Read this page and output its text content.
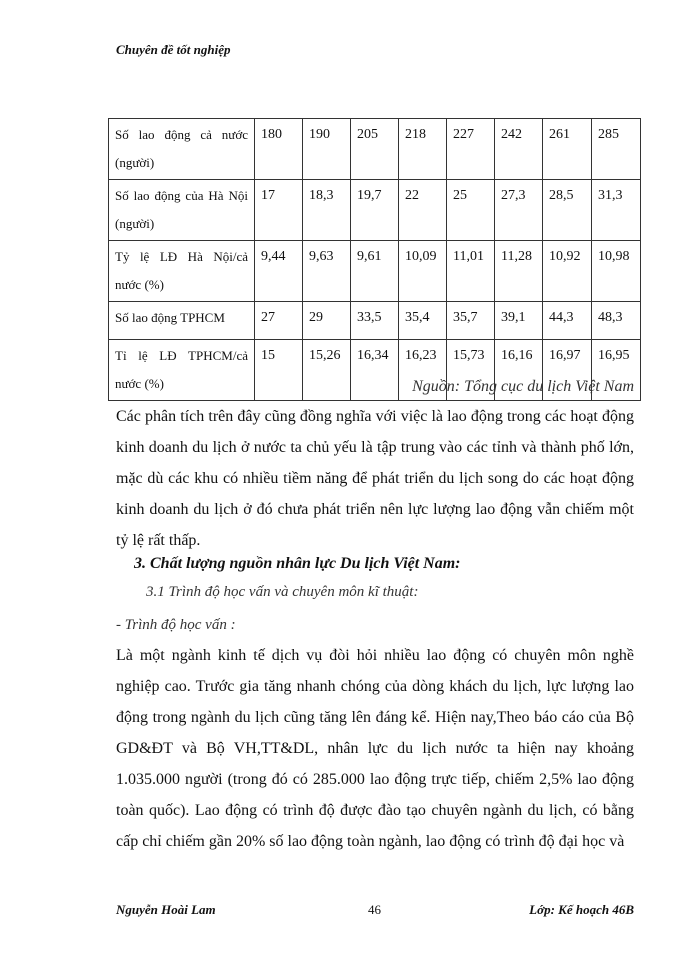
Chuyên đề tốt nghiệp
Số lao động cả nước (người)	180	190	205	218	227	242	261	285
Số lao động của Hà Nội (người)	17	18,3	19,7	22	25	27,3	28,5	31,3
Tỷ lệ LĐ Hà Nội/cả nước (%)	9,44	9,63	9,61	10,09	11,01	11,28	10,92	10,98
Số lao động TPHCM	27	29	33,5	35,4	35,7	39,1	44,3	48,3
Tỉ lệ LĐ TPHCM/cả nước (%)	15	15,26	16,34	16,23	15,73	16,16	16,97	16,95
Nguồn: Tổng cục du lịch Việt Nam

Các phân tích trên đây cũng đồng nghĩa với việc là lao động trong các hoạt động kinh doanh du lịch ở nước ta chủ yếu là tập trung vào các tỉnh và thành phố lớn, mặc dù các khu có nhiều tiềm năng để phát triển du lịch song do các hoạt động kinh doanh du lịch ở đó chưa phát triển nên lực lượng lao động vẫn chiếm một tỷ lệ rất thấp.

3. Chất lượng nguồn nhân lực Du lịch Việt Nam:
3.1 Trình độ học vấn và chuyên môn kĩ thuật:
- Trình độ học vấn :

Là một ngành kinh tế dịch vụ đòi hỏi nhiều lao động có chuyên môn nghề nghiệp cao. Trước gia tăng nhanh chóng của dòng khách du lịch, lực lượng lao động trong ngành du lịch cũng tăng lên đáng kể. Hiện nay,Theo báo cáo của Bộ GD&ĐT và Bộ VH,TT&DL, nhân lực du lịch nước ta hiện nay khoảng 1.035.000 người (trong đó có 285.000 lao động trực tiếp, chiếm 2,5% lao động toàn quốc). Lao động có trình độ được đào tạo chuyên ngành du lịch, có bằng cấp chỉ chiếm gần 20% số lao động toàn ngành, lao động có trình độ đại học và

Nguyễn Hoài Lam	46	Lớp: Kế hoạch 46B
